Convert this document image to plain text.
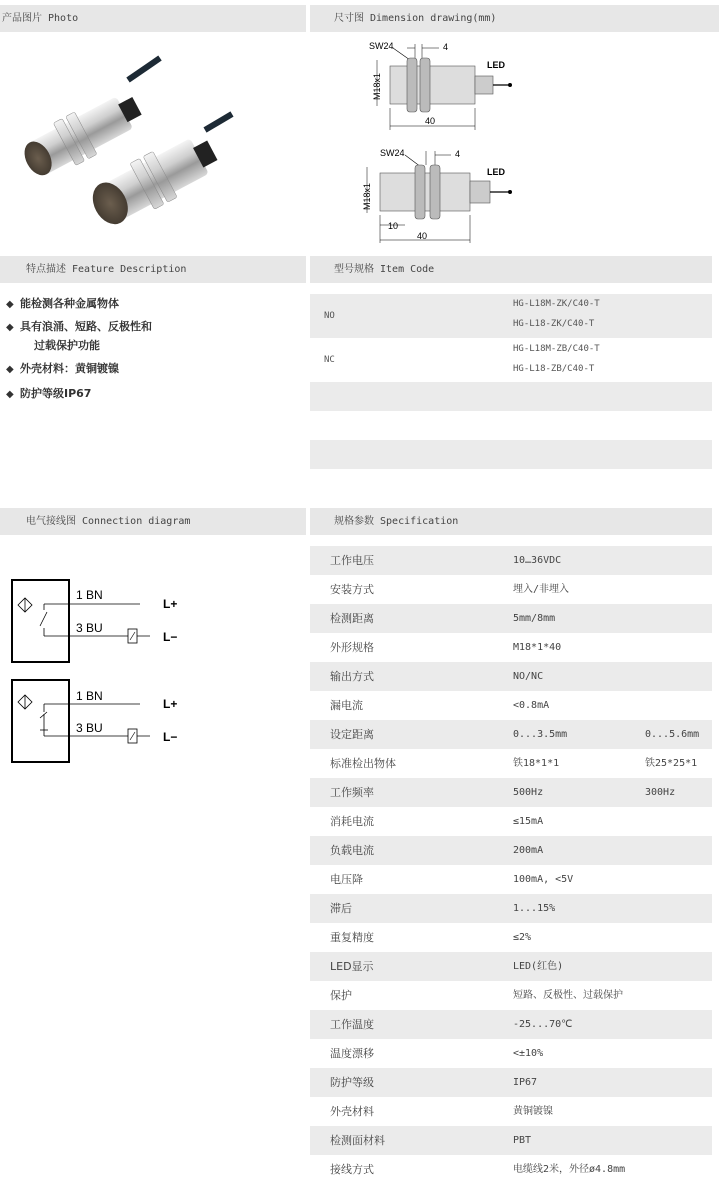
产品图片 Photo	尺寸图 Dimension drawing(mm)
特点描述 Feature Description	型号规格 Item Code
电气接线图 Connection diagram	规格参数 Specification
SW24	4
M18x1
LED
40
SW24	4
M18x1
LED
10
40
◆ 能检测各种金属物体
◆ 具有浪涌、短路、反极性和
过载保护功能
◆ 外壳材料：黄铜镀镍
◆ 防护等级IP67
NO
HG-L18M-ZK/C40-T
HG-L18-ZK/C40-T
NC
HG-L18M-ZB/C40-T
HG-L18-ZB/C40-T
1 BN
3 BU
L+
L−
1 BN
3 BU
L+
L−
工作电压	10…36VDC
安装方式	埋入/非埋入
检测距离	5mm/8mm
外形规格	M18*1*40
输出方式	NO/NC
漏电流	<0.8mA
设定距离	0...3.5mm	0...5.6mm
标准检出物体	铁18*1*1	铁25*25*1
工作频率	500Hz	300Hz
消耗电流	≤15mA
负载电流	200mA
电压降	100mA, <5V
滞后	1...15%
重复精度	≤2%
LED显示	LED(红色)
保护	短路、反极性、过载保护
工作温度	-25...70℃
温度漂移	<±10%
防护等级	IP67
外壳材料	黄铜镀镍
检测面材料	PBT
接线方式	电缆线2米，外径ø4.8mm
